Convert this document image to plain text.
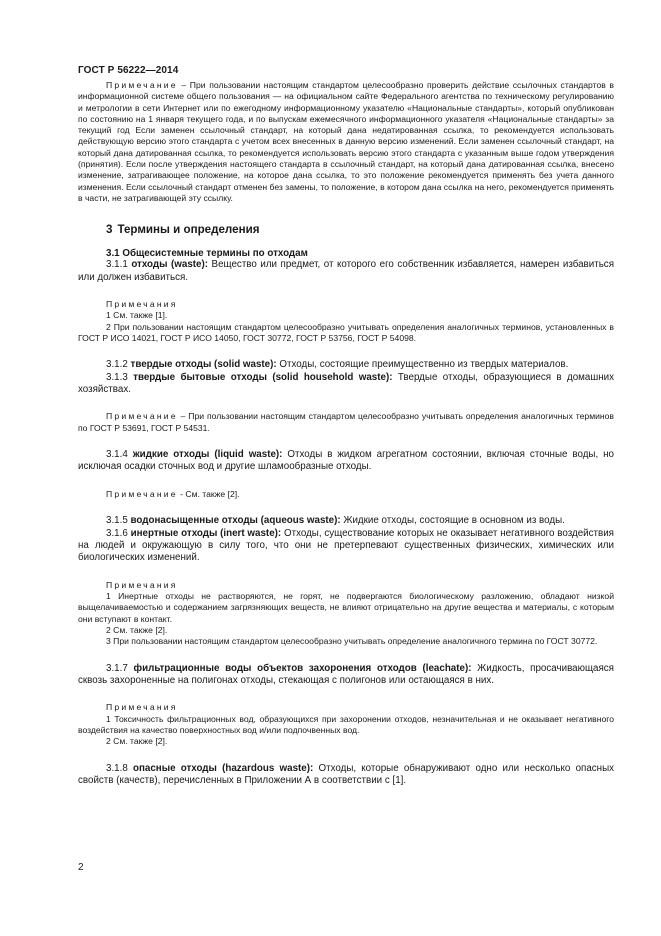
ГОСТ Р 56222—2014

Примечание – При пользовании настоящим стандартом целесообразно проверить действие ссылочных стандартов в информационной системе общего пользования — на официальном сайте Федерального агентства по техническому регулированию и метрологии в сети Интернет или по ежегодному информационному указателю «Национальные стандарты», который опубликован по состоянию на 1 января текущего года, и по выпускам ежемесячного информационного указателя «Национальные стандарты» за текущий год Если заменен ссылочный стандарт, на который дана недатированная ссылка, то рекомендуется использовать действующую версию этого стандарта с учетом всех внесенных в данную версию изменений. Если заменен ссылочный стандарт, на который дана датированная ссылка, то рекомендуется использовать версию этого стандарта с указанным выше годом утверждения (принятия). Если после утверждения настоящего стандарта в ссылочный стандарт, на который дана датированная ссылка, внесено изменение, затрагивающее положение, на которое дана ссылка, то это положение рекомендуется применять без учета данного изменения. Если ссылочный стандарт отменен без замены, то положение, в котором дана ссылка на него, рекомендуется применять в части, не затрагивающей эту ссылку.

3 Термины и определения
3.1 Общесистемные термины по отходам

3.1.1 отходы (waste): Вещество или предмет, от которого его собственник избавляется, намерен избавиться или должен избавиться.

Примечания

1 См. также [1].

2 При пользовании настоящим стандартом целесообразно учитывать определения аналогичных терминов, установленных в ГОСТ Р ИСО 14021, ГОСТ Р ИСО 14050, ГОСТ 30772, ГОСТ Р 53756, ГОСТ Р 54098.

3.1.2 твердые отходы (solid waste): Отходы, состоящие преимущественно из твердых материалов.

3.1.3 твердые бытовые отходы (solid household waste): Твердые отходы, образующиеся в домашних хозяйствах.

Примечание – При пользовании настоящим стандартом целесообразно учитывать определения аналогичных терминов по ГОСТ Р 53691, ГОСТ Р 54531.

3.1.4 жидкие отходы (liquid waste): Отходы в жидком агрегатном состоянии, включая сточные воды, но исключая осадки сточных вод и другие шламообразные отходы.

Примечание - См. также [2].

3.1.5 водонасыщенные отходы (aqueous waste): Жидкие отходы, состоящие в основном из воды.

3.1.6 инертные отходы (inert waste): Отходы, существование которых не оказывает негативного воздействия на людей и окружающую в силу того, что они не претерпевают существенных физических, химических или биологических изменений.

Примечания

1 Инертные отходы не растворяются, не горят, не подвергаются биологическому разложению, обладают низкой выщелачиваемостью и содержанием загрязняющих веществ, не влияют отрицательно на другие вещества и материалы, с которым они вступают в контакт.

2 См. также [2].

3 При пользовании настоящим стандартом целесообразно учитывать определение аналогичного термина по ГОСТ 30772.

3.1.7 фильтрационные воды объектов захоронения отходов (leachate): Жидкость, просачивающаяся сквозь захороненные на полигонах отходы, стекающая с полигонов или остающаяся в них.

Примечания

1 Токсичность фильтрационных вод, образующихся при захоронении отходов, незначительная и не оказывает негативного воздействия на качество поверхностных вод и/или подпочвенных вод.

2 См. также [2].

3.1.8 опасные отходы (hazardous waste): Отходы, которые обнаруживают одно или несколько опасных свойств (качеств), перечисленных в Приложении А в соответствии с [1].

2
